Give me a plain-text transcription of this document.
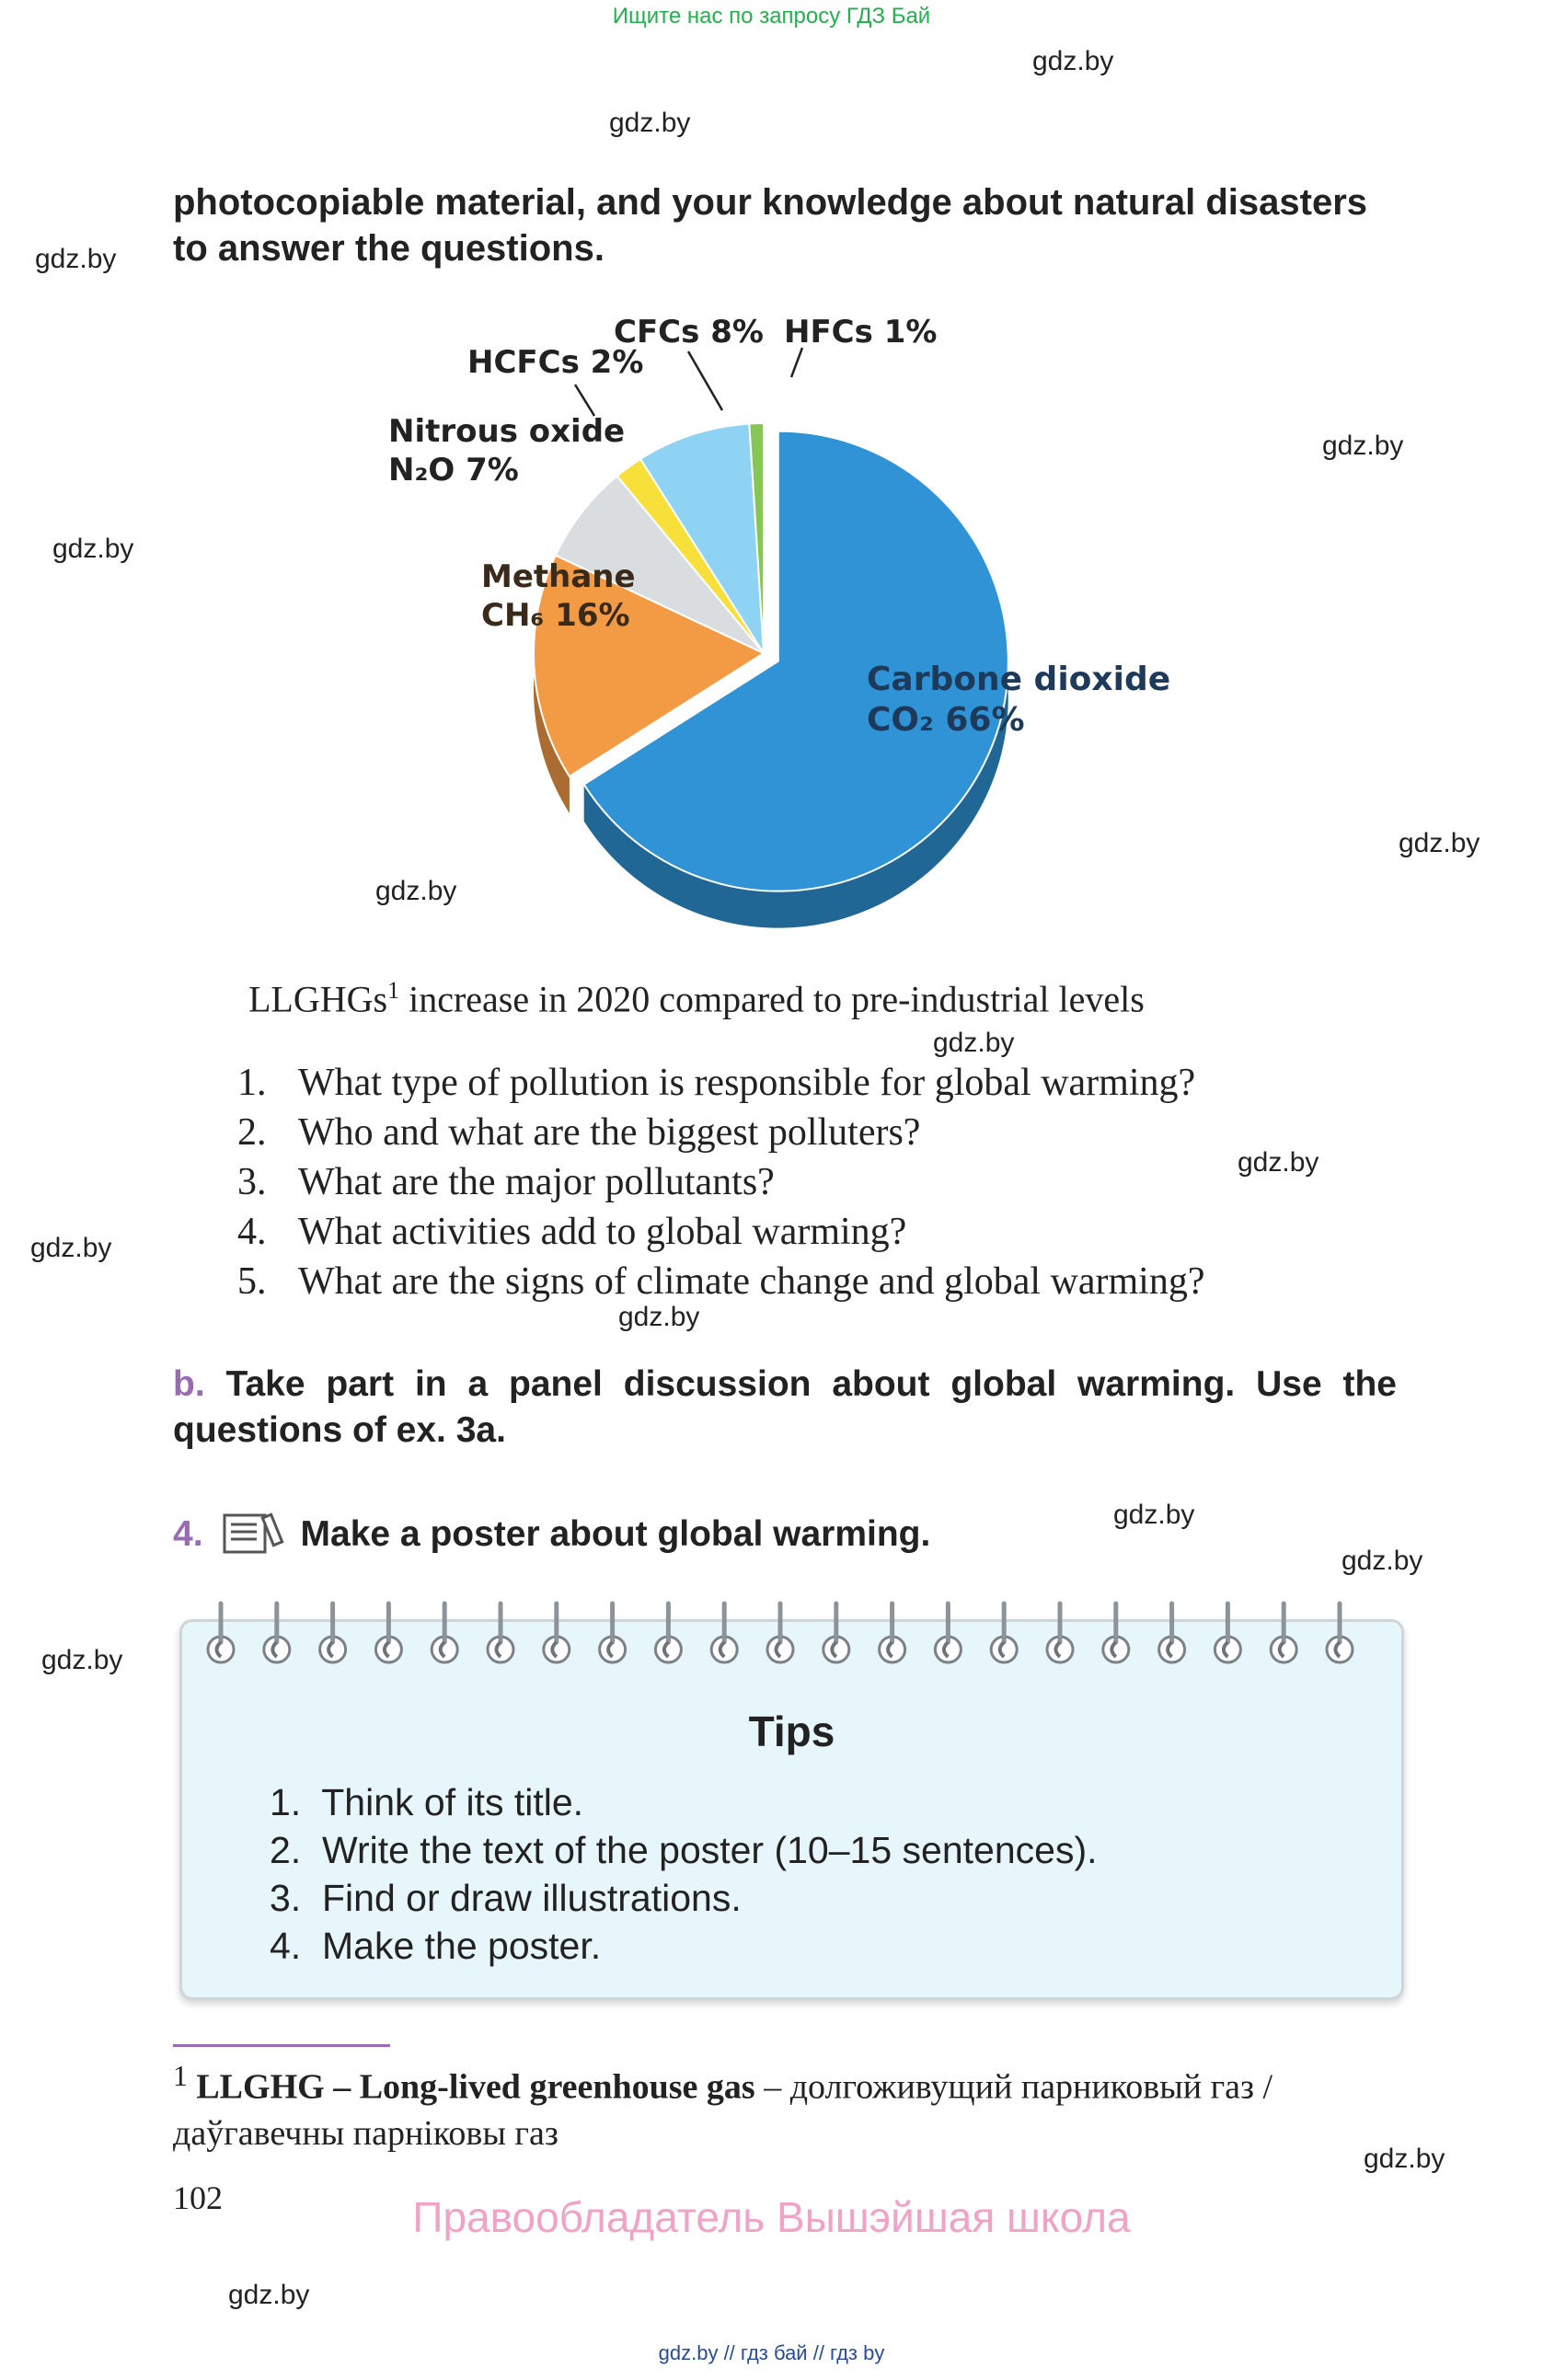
Ищите нас по запросу ГДЗ Бай
gdz.by
gdz.by
gdz.by
gdz.by
gdz.by
gdz.by
gdz.by
gdz.by
gdz.by
gdz.by
gdz.by
gdz.by
gdz.by
gdz.by
gdz.by
gdz.by
photocopiable material, and your knowledge about natural disasters to answer the questions.
Carbone dioxide
CO₂ 66%
Methane
CH₆ 16%
Nitrous oxide
N₂O 7%
HCFCs 2%
CFCs 8% HFCs 1%
LLGHGs$^1$ increase in 2020 compared to pre-industrial levels
1. What type of pollution is responsible for global warming?
2. Who and what are the biggest polluters?
3. What are the major pollutants?
4. What activities add to global warming?
5. What are the signs of climate change and global warming?
b. Take part in a panel discussion about global warming. Use the questions of ex. 3a.
4.	Make a poster about global warming.
Tips
1. Think of its title.
2. Write the text of the poster (10–15 sentences).
3. Find or draw illustrations.
4. Make the poster.
$^1$ LLGHG – Long-lived greenhouse gas – долгоживущий парниковый газ / даўгавечны парніковы газ
102	Правообладатель Вышэйшая школа
gdz.by // гдз бай // гдз by
